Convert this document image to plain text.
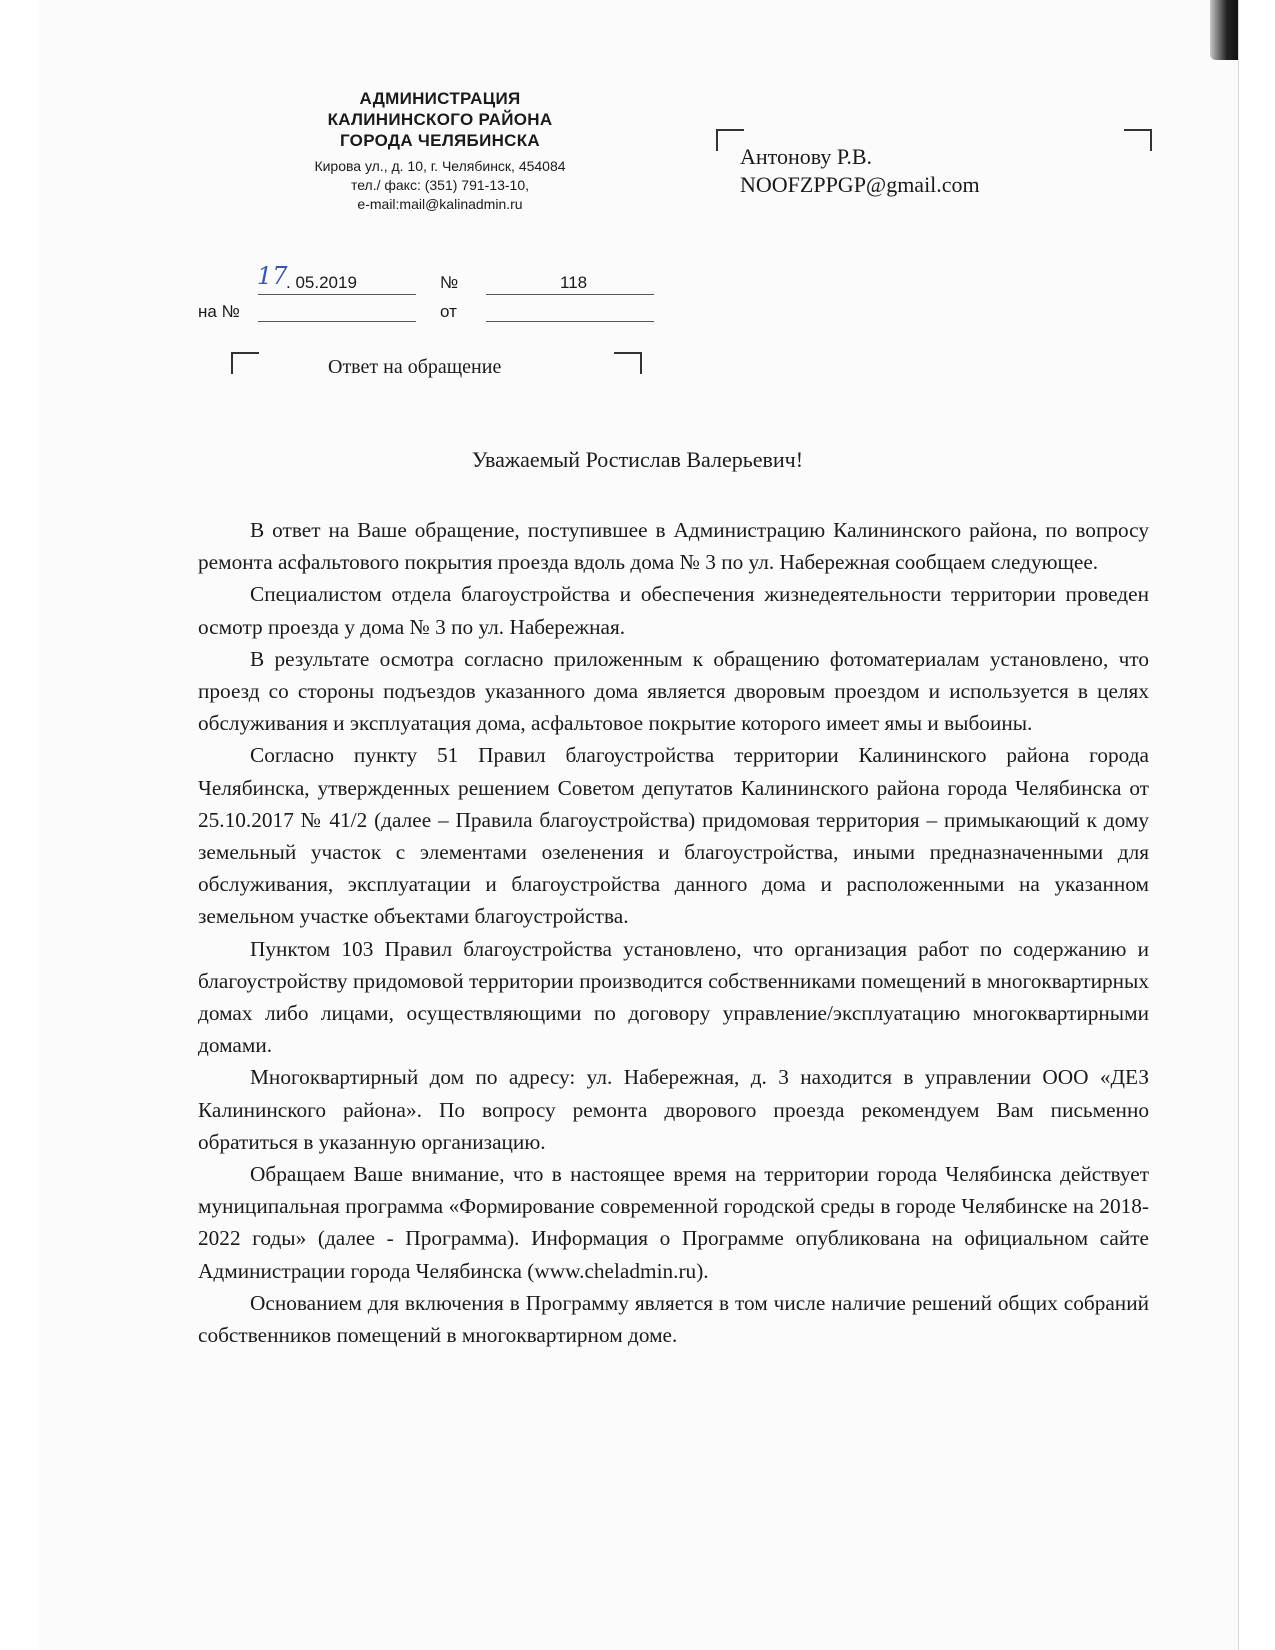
АДМИНИСТРАЦИЯ
КАЛИНИНСКОГО РАЙОНА
ГОРОДА ЧЕЛЯБИНСКА
Кирова ул., д. 10, г. Челябинск, 454084
тел./ факс: (351) 791-13-10,
e-mail:mail@kalinadmin.ru
Антонову Р.В.
NOOFZPPGP@gmail.com
17
. 05.2019	№	118
на №	от
Ответ на обращение
Уважаемый Ростислав Валерьевич!

В ответ на Ваше обращение, поступившее в Администрацию Калининского района, по вопросу ремонта асфальтового покрытия проезда вдоль дома № 3 по ул. Набережная сообщаем следующее.

Специалистом отдела благоустройства и обеспечения жизнедеятельности территории проведен осмотр проезда у дома № 3 по ул. Набережная.

В результате осмотра согласно приложенным к обращению фотоматериалам установлено, что проезд со стороны подъездов указанного дома является дворовым проездом и используется в целях обслуживания и эксплуатация дома, асфальтовое покрытие которого имеет ямы и выбоины.

Согласно пункту 51 Правил благоустройства территории Калининского района города Челябинска, утвержденных решением Советом депутатов Калининского района города Челябинска от 25.10.2017 № 41/2 (далее – Правила благоустройства) придомовая территория – примыкающий к дому земельный участок с элементами озеленения и благоустройства, иными предназначенными для обслуживания, эксплуатации и благоустройства данного дома и расположенными на указанном земельном участке объектами благоустройства.

Пунктом 103 Правил благоустройства установлено, что организация работ по содержанию и благоустройству придомовой территории производится собственниками помещений в многоквартирных домах либо лицами, осуществляющими по договору управление/эксплуатацию многоквартирными домами.

Многоквартирный дом по адресу: ул. Набережная, д. 3 находится в управлении ООО «ДЕЗ Калининского района». По вопросу ремонта дворового проезда рекомендуем Вам письменно обратиться в указанную организацию.

Обращаем Ваше внимание, что в настоящее время на территории города Челябинска действует муниципальная программа «Формирование современной городской среды в городе Челябинске на 2018-2022 годы» (далее - Программа). Информация о Программе опубликована на официальном сайте Администрации города Челябинска (www.cheladmin.ru).

Основанием для включения в Программу является в том числе наличие решений общих собраний собственников помещений в многоквартирном доме.
